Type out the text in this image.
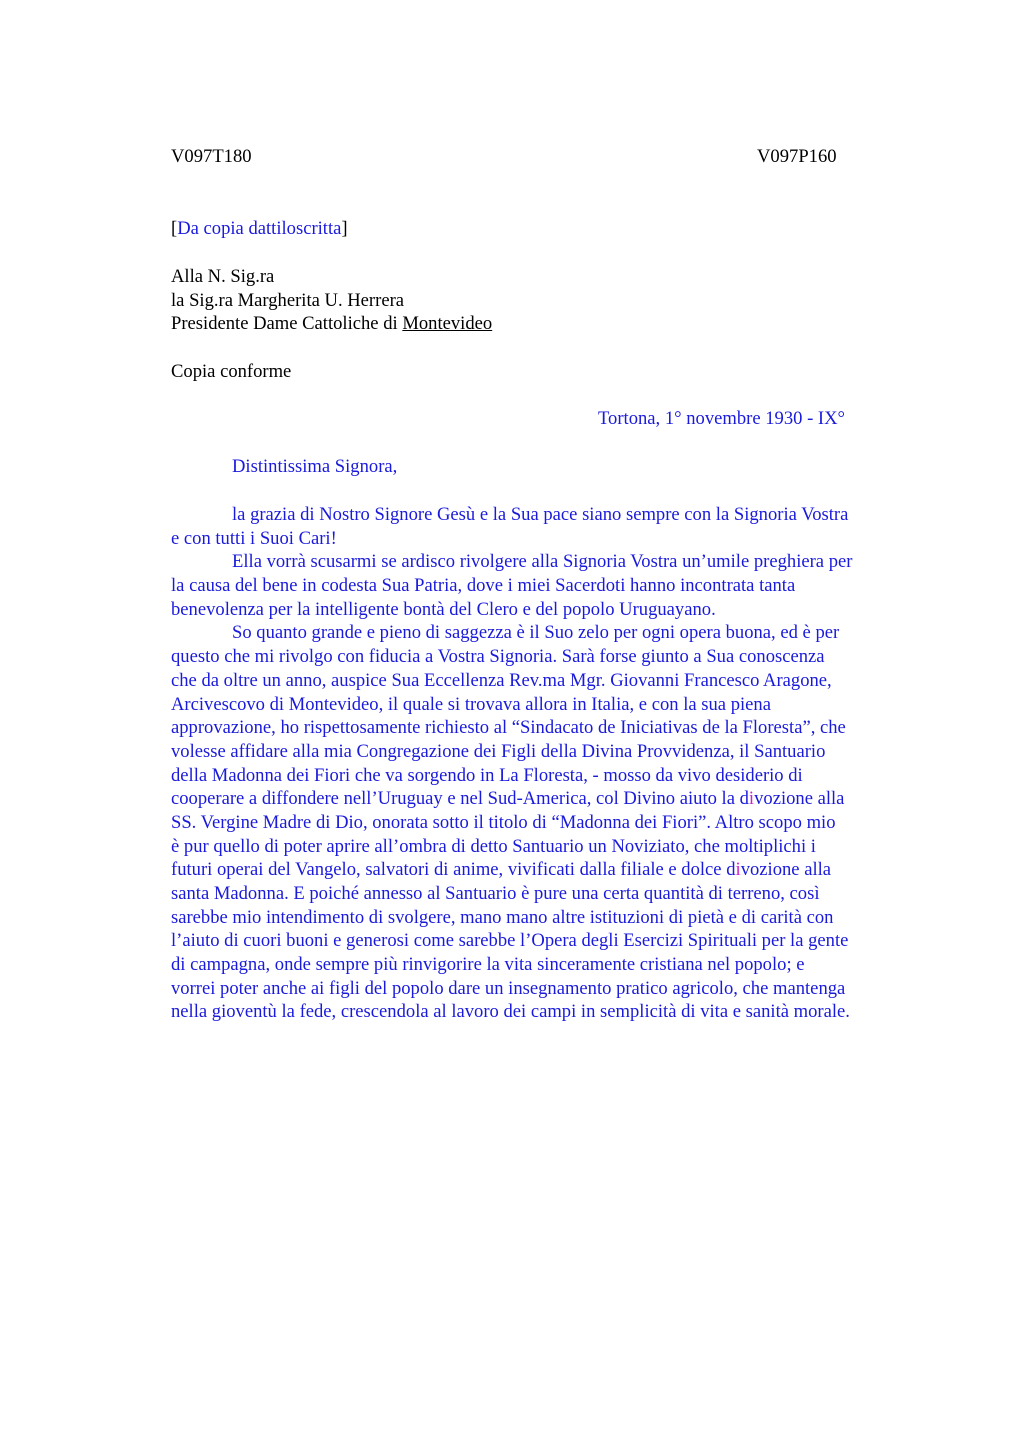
V097T180	V097P160
[Da copia dattiloscritta]
Alla N. Sig.ra
la Sig.ra Margherita U. Herrera
Presidente Dame Cattoliche di Montevideo
Copia conforme
Tortona, 1° novembre 1930 - IX°
Distintissima Signora,
la grazia di Nostro Signore Gesù e la Sua pace siano sempre con la Signoria Vostra
e con tutti i Suoi Cari!
Ella vorrà scusarmi se ardisco rivolgere alla Signoria Vostra un’umile preghiera per
la causa del bene in codesta Sua Patria, dove i miei Sacerdoti hanno incontrata tanta
benevolenza per la intelligente bontà del Clero e del popolo Uruguayano.
So quanto grande e pieno di saggezza è il Suo zelo per ogni opera buona, ed è per
questo che mi rivolgo con fiducia a Vostra Signoria. Sarà forse giunto a Sua conoscenza
che da oltre un anno, auspice Sua Eccellenza Rev.ma Mgr. Giovanni Francesco Aragone,
Arcivescovo di Montevideo, il quale si trovava allora in Italia, e con la sua piena
approvazione, ho rispettosamente richiesto al “Sindacato de Iniciativas de la Floresta”, che
volesse affidare alla mia Congregazione dei Figli della Divina Provvidenza, il Santuario
della Madonna dei Fiori che va sorgendo in La Floresta, - mosso da vivo desiderio di
cooperare a diffondere nell’Uruguay e nel Sud-America, col Divino aiuto la divozione alla
SS. Vergine Madre di Dio, onorata sotto il titolo di “Madonna dei Fiori”. Altro scopo mio
è pur quello di poter aprire all’ombra di detto Santuario un Noviziato, che moltiplichi i
futuri operai del Vangelo, salvatori di anime, vivificati dalla filiale e dolce divozione alla
santa Madonna. E poiché annesso al Santuario è pure una certa quantità di terreno, così
sarebbe mio intendimento di svolgere, mano mano altre istituzioni di pietà e di carità con
l’aiuto di cuori buoni e generosi come sarebbe l’Opera degli Esercizi Spirituali per la gente
di campagna, onde sempre più rinvigorire la vita sinceramente cristiana nel popolo; e
vorrei poter anche ai figli del popolo dare un insegnamento pratico agricolo, che mantenga
nella gioventù la fede, crescendola al lavoro dei campi in semplicità di vita e sanità morale.
